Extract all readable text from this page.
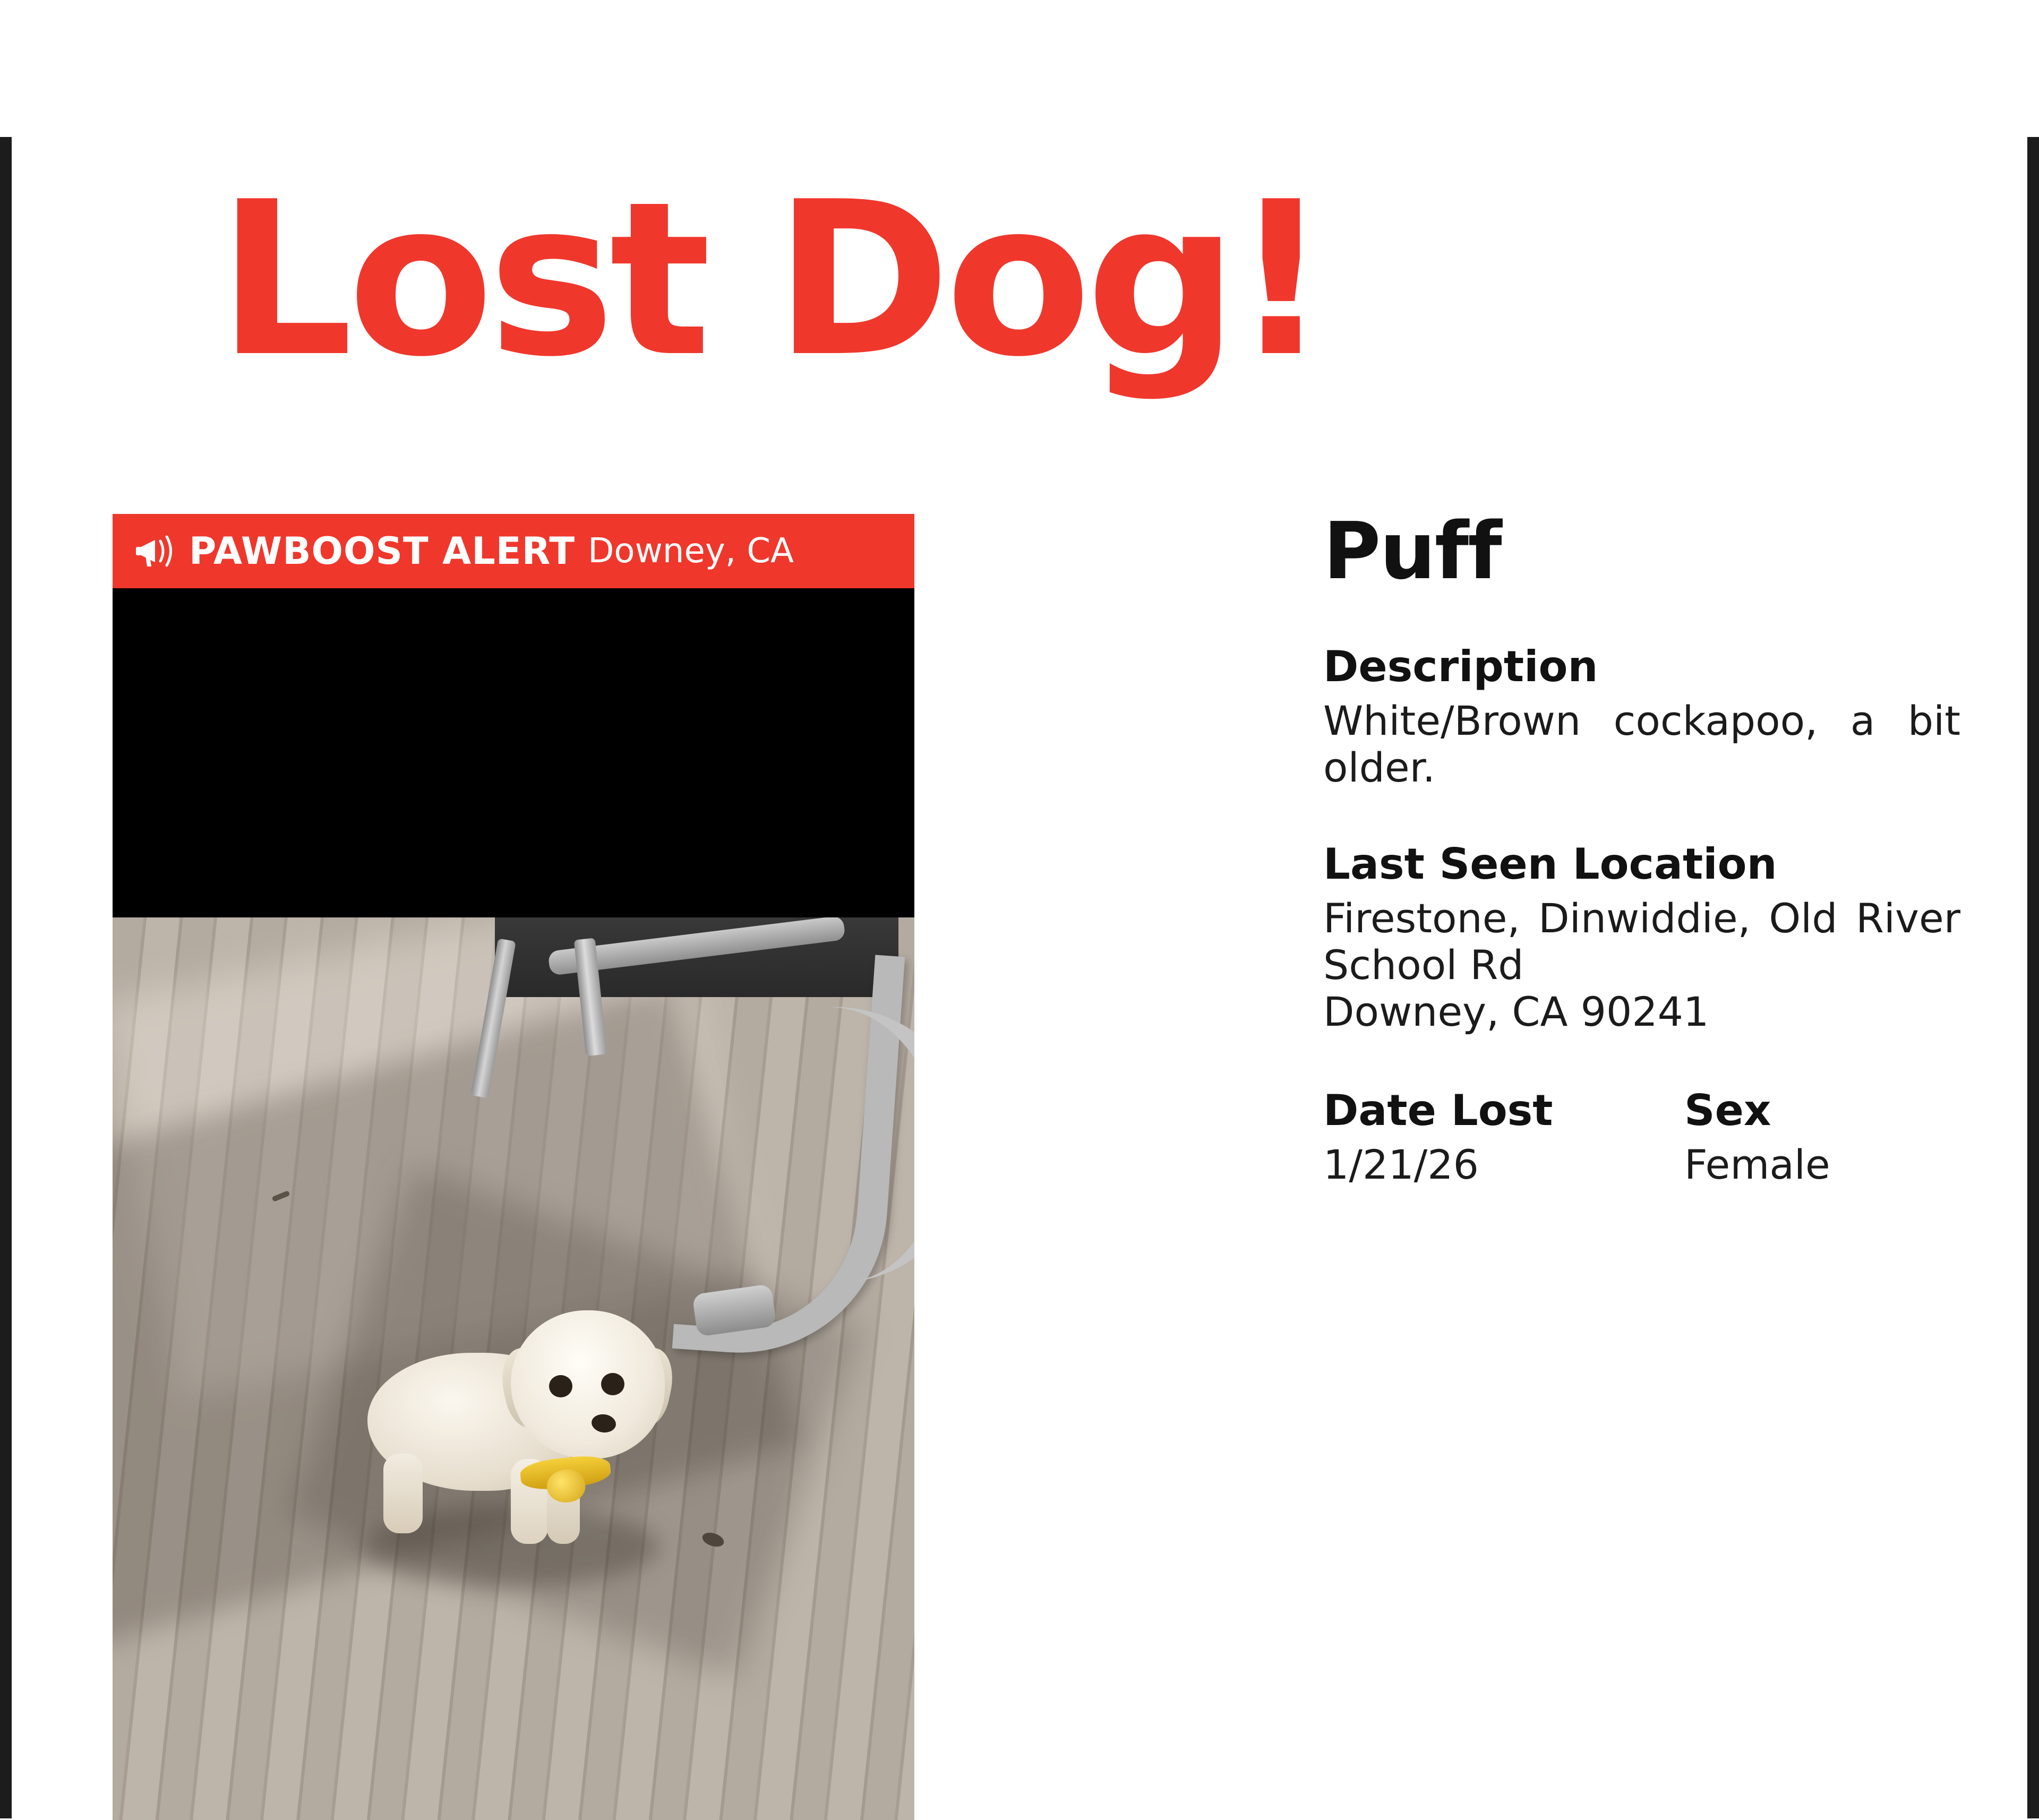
Lost Dog!
PAWBOOST ALERT Downey, CA	Puff
Description

White/Brown cockapoo, a bit older.

Last Seen Location

Firestone, Dinwiddie, Old River School Rd

Downey, CA 90241

Date Lost

1/21/26

Sex

Female
